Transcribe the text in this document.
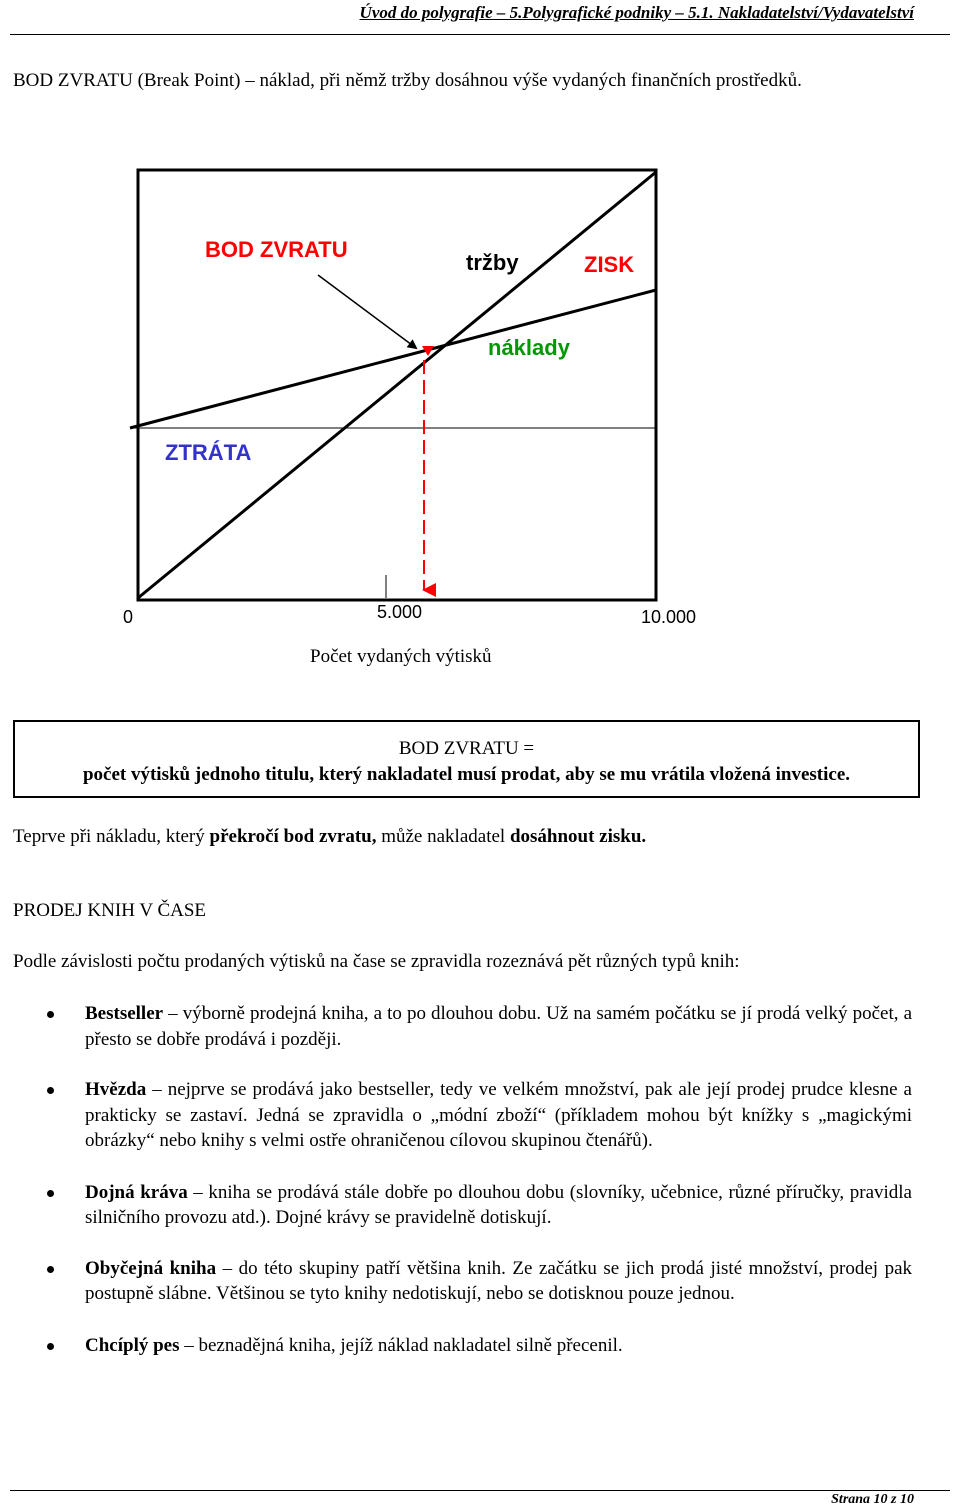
Úvod do polygrafie – 5.Polygrafické podniky – 5.1. Nakladatelství/Vydavatelství

BOD ZVRATU (Break Point) – náklad, při němž tržby dosáhnou výše vydaných finančních prostředků.

BOD ZVRATU
tržby	ZISK
náklady
ZTRÁTA
0	5.000	10.000
Počet vydaných výtisků
BOD ZVRATU =
počet výtisků jednoho titulu, který nakladatel musí prodat, aby se mu vrátila vložená investice.
Teprve při nákladu, který překročí bod zvratu, může nakladatel dosáhnout zisku.
PRODEJ KNIH V ČASE
Podle závislosti počtu prodaných výtisků na čase se zpravidla rozeznává pět různých typů knih:
Bestseller – výborně prodejná kniha, a to po dlouhou dobu. Už na samém počátku se jí prodá velký počet, a přesto se dobře prodává i později.
Hvězda – nejprve se prodává jako bestseller, tedy ve velkém množství, pak ale její prodej prudce klesne a prakticky se zastaví. Jedná se zpravidla o „módní zboží“ (příkladem mohou být knížky s „magickými obrázky“ nebo knihy s velmi ostře ohraničenou cílovou skupinou čtenářů).
Dojná kráva – kniha se prodává stále dobře po dlouhou dobu (slovníky, učebnice, různé příručky, pravidla silničního provozu atd.). Dojné krávy se pravidelně dotiskují.
Obyčejná kniha – do této skupiny patří většina knih. Ze začátku se jich prodá jisté množství, prodej pak postupně slábne. Většinou se tyto knihy nedotiskují, nebo se dotisknou pouze jednou.
Chcíplý pes – beznadějná kniha, jejíž náklad nakladatel silně přecenil.
Strana 10 z 10
